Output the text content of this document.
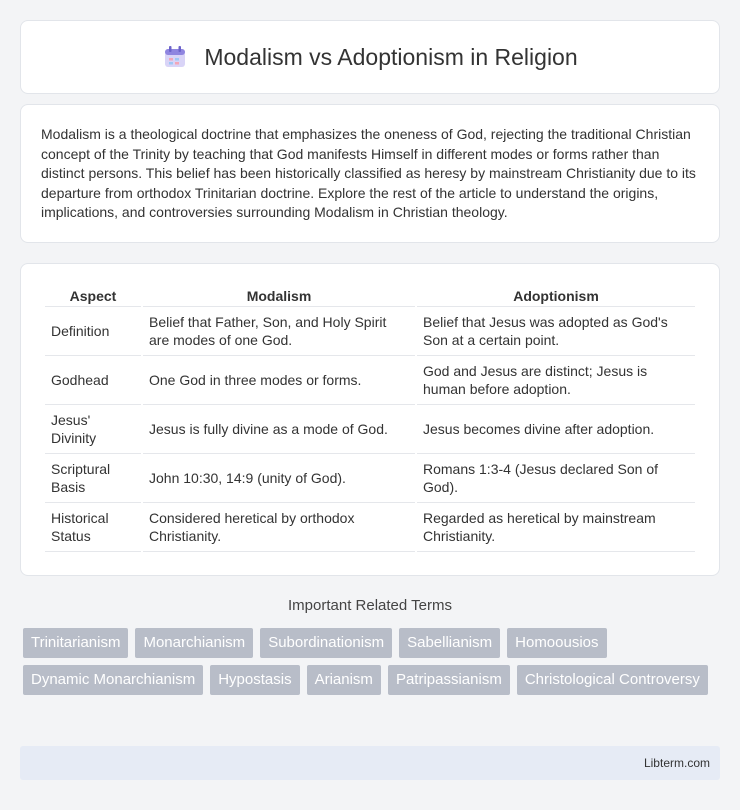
Modalism vs Adoptionism in Religion

Modalism is a theological doctrine that emphasizes the oneness of God, rejecting the traditional Christian concept of the Trinity by teaching that God manifests Himself in different modes or forms rather than distinct persons. This belief has been historically classified as heresy by mainstream Christianity due to its departure from orthodox Trinitarian doctrine. Explore the rest of the article to understand the origins, implications, and controversies surrounding Modalism in Christian theology.

Aspect	Modalism	Adoptionism
Definition	Belief that Father, Son, and Holy Spirit are modes of one God.	Belief that Jesus was adopted as God's Son at a certain point.
Godhead	One God in three modes or forms.	God and Jesus are distinct; Jesus is human before adoption.
Jesus' Divinity	Jesus is fully divine as a mode of God.	Jesus becomes divine after adoption.
Scriptural Basis	John 10:30, 14:9 (unity of God).	Romans 1:3-4 (Jesus declared Son of God).
Historical Status	Considered heretical by orthodox Christianity.	Regarded as heretical by mainstream Christianity.
Important Related Terms
Trinitarianism	Monarchianism	Subordinationism	Sabellianism	Homoousios
Dynamic Monarchianism	Hypostasis	Arianism	Patripassianism	Christological Controversy
Libterm.com
